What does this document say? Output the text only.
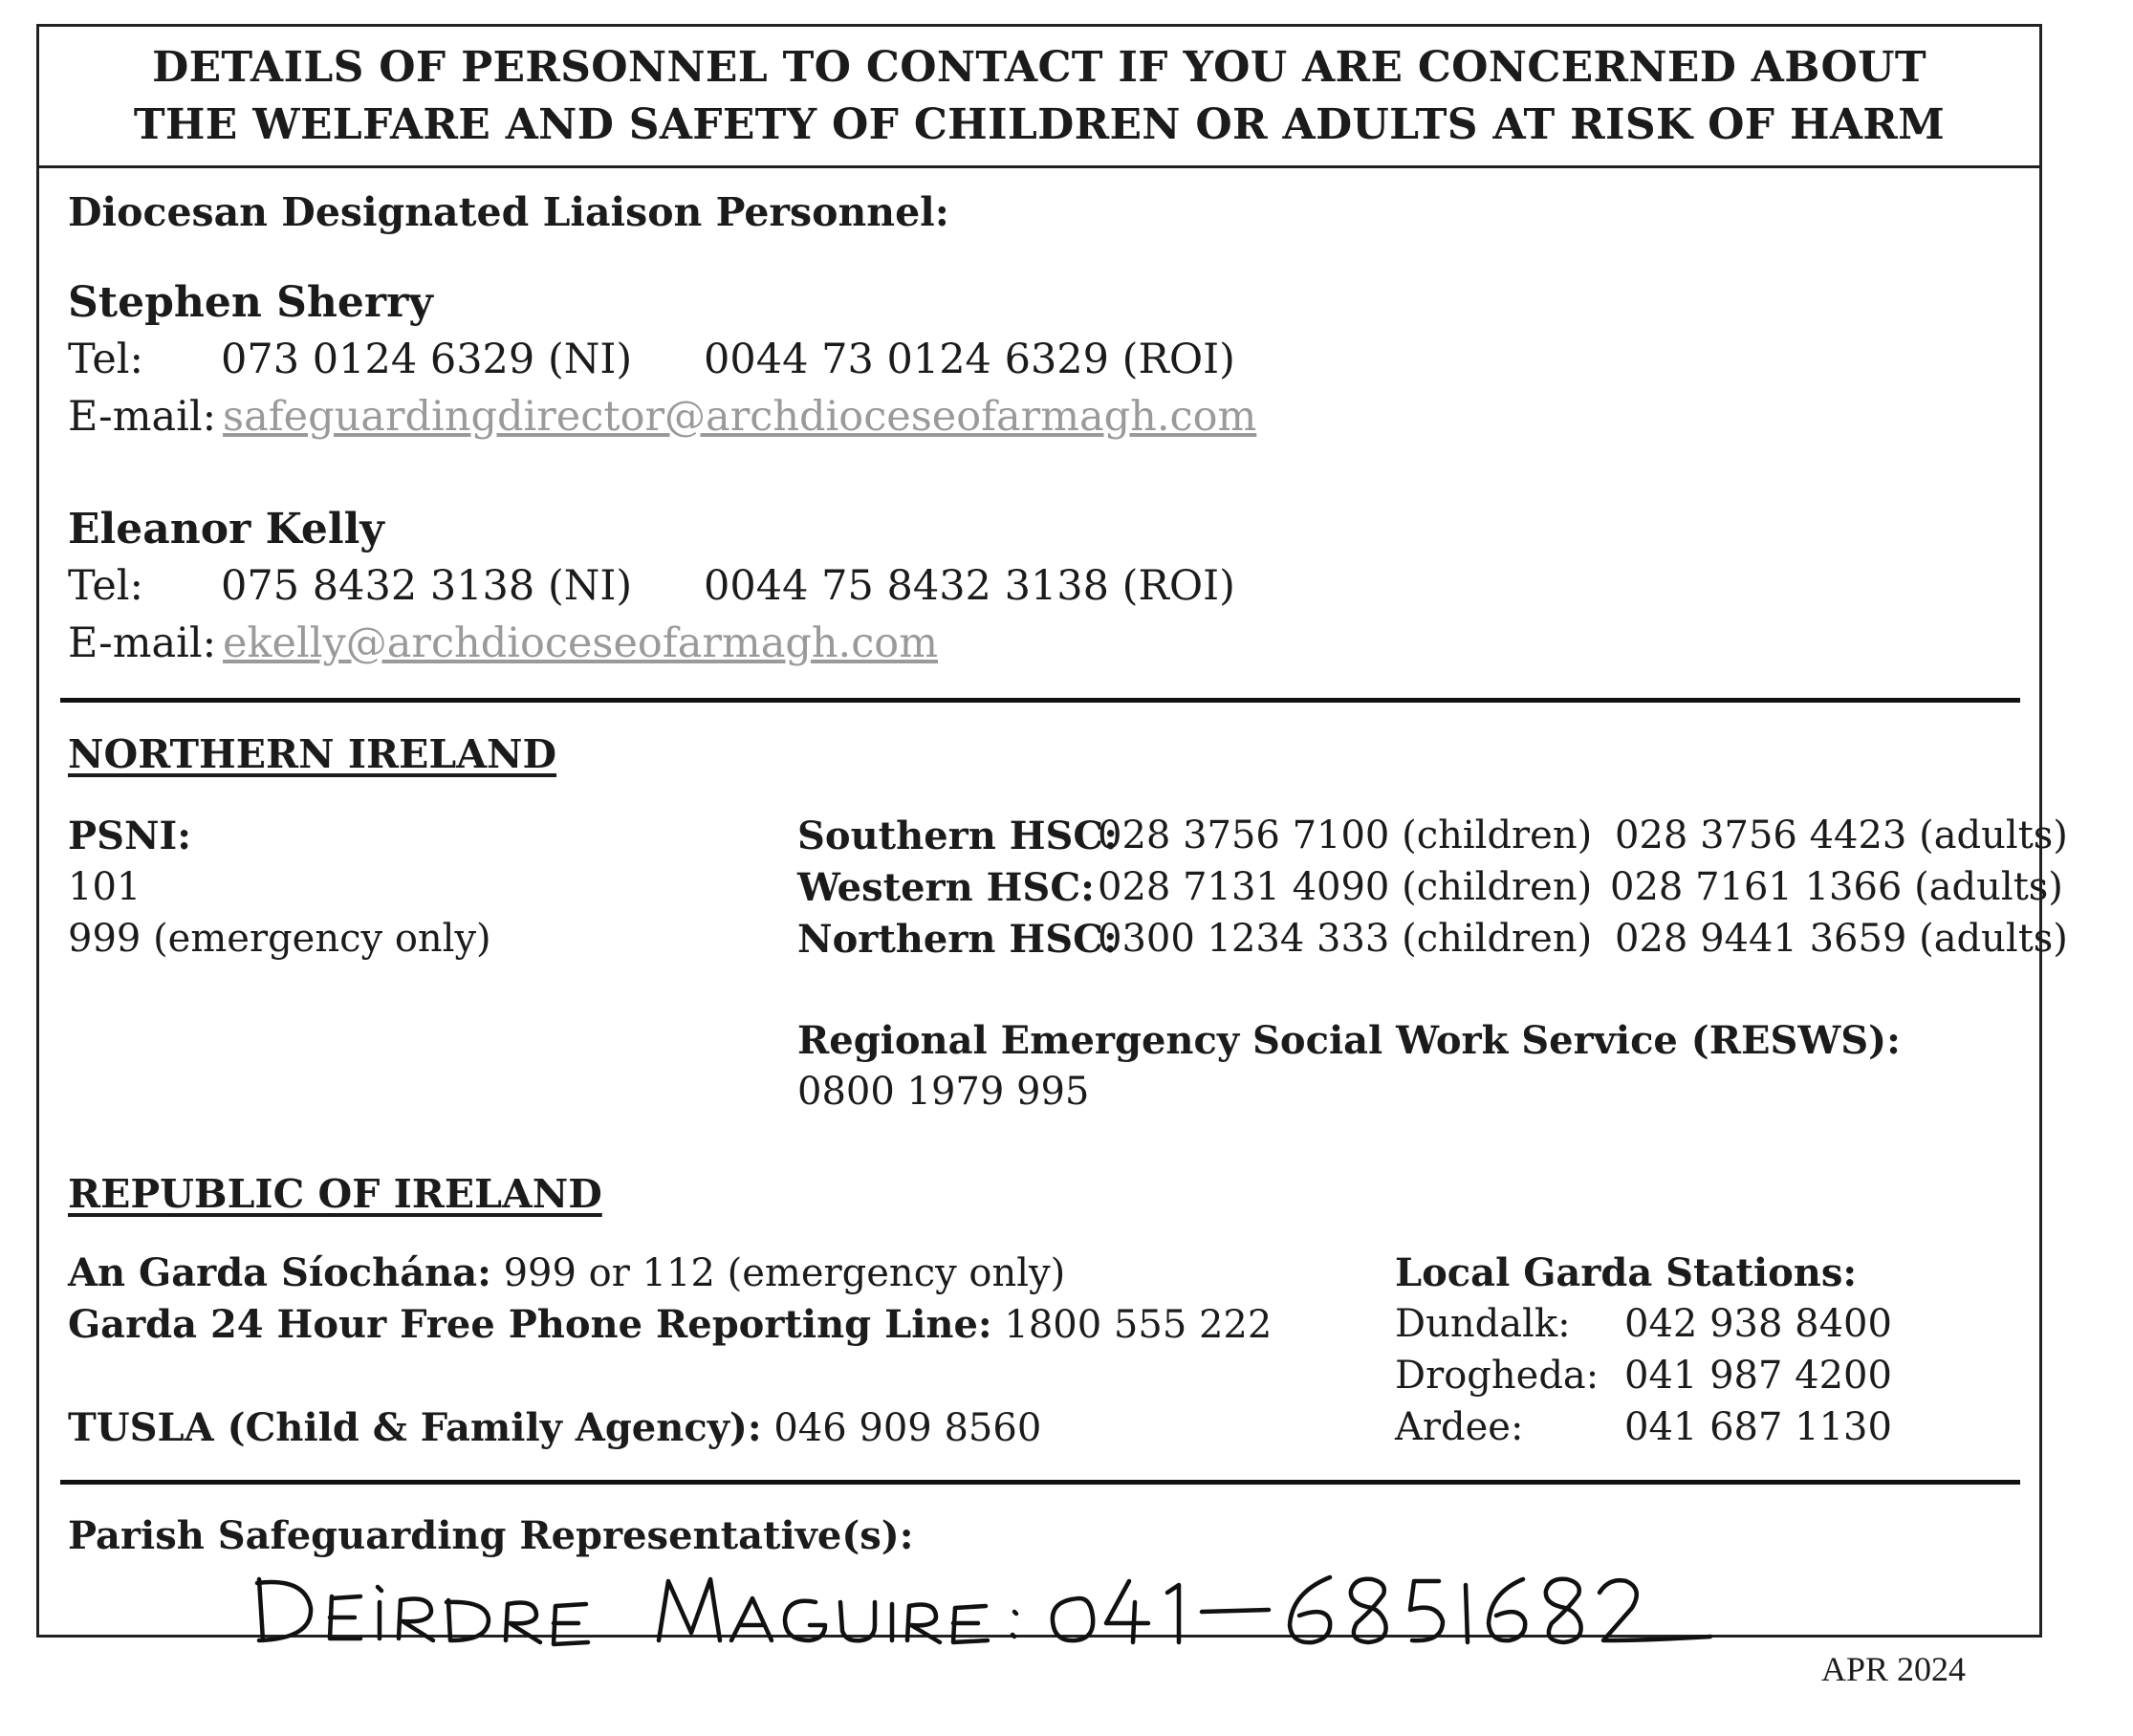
DETAILS OF PERSONNEL TO CONTACT IF YOU ARE CONCERNED ABOUT
THE WELFARE AND SAFETY OF CHILDREN OR ADULTS AT RISK OF HARM
Diocesan Designated Liaison Personnel:
Stephen Sherry
Tel: 073 0124 6329 (NI) 0044 73 0124 6329 (ROI)
E-mail: safeguardingdirector@archdioceseofarmagh.com
Eleanor Kelly
Tel: 075 8432 3138 (NI) 0044 75 8432 3138 (ROI)
E-mail: ekelly@archdioceseofarmagh.com
NORTHERN IRELAND
PSNI:
101
999 (emergency only)
Southern HSC:
028 3756 7100 (children) 028 3756 4423 (adults)
Western HSC: 028 7131 4090 (children) 028 7161 1366 (adults)
Northern HSC:
0300 1234 333 (children) 028 9441 3659 (adults)
Regional Emergency Social Work Service (RESWS):
0800 1979 995
REPUBLIC OF IRELAND
An Garda Síochána: 999 or 112 (emergency only)
Garda 24 Hour Free Phone Reporting Line: 1800 555 222
TUSLA (Child & Family Agency): 046 909 8560
Local Garda Stations:
Dundalk: 042 938 8400
Drogheda: 041 987 4200
Ardee:	041 687 1130
Parish Safeguarding Representative(s):
APR 2024
